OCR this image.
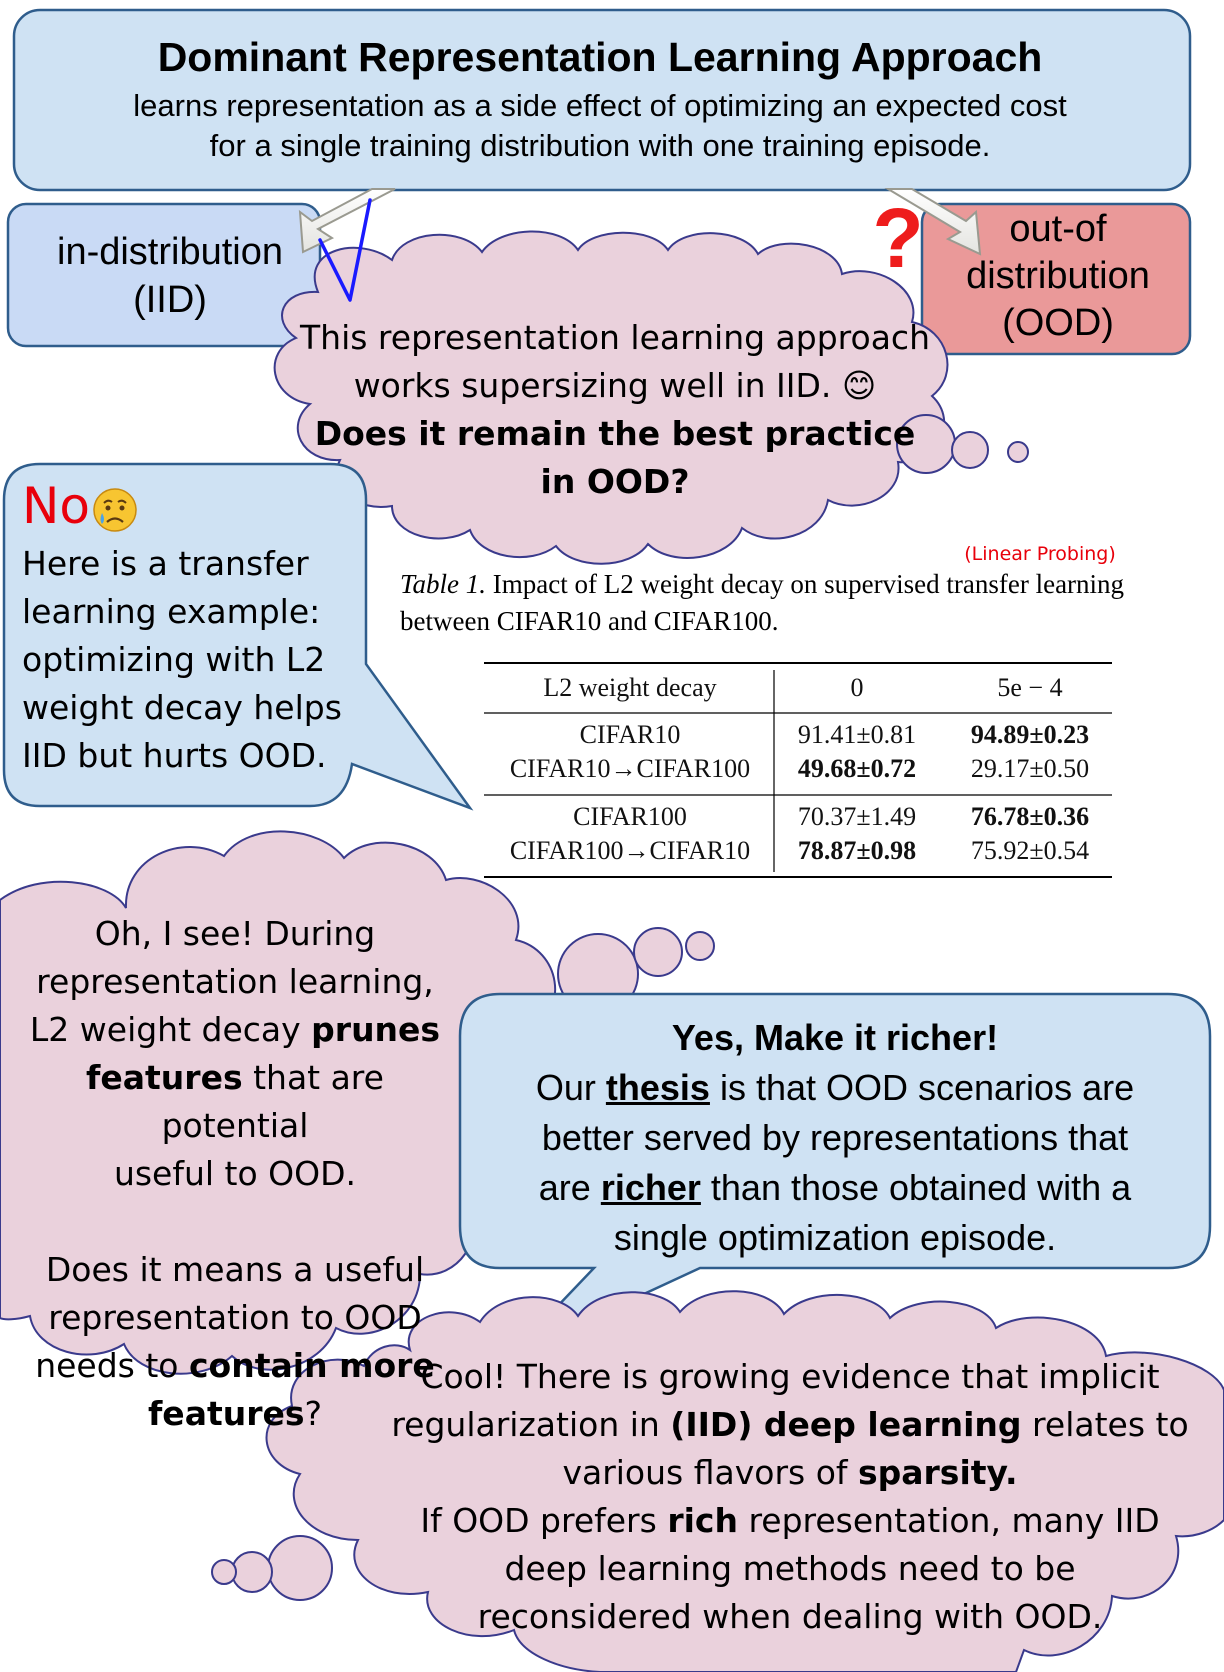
Dominant Representation Learning Approach
learns representation as a side effect of optimizing an expected cost
for a single training distribution with one training episode.
in-distribution
(IID)
out-of
distribution
(OOD)
?
This representation learning approach
works supersizing well in IID. 😊
Does it remain the best practice
in OOD?
No
Here is a transfer
learning example:
optimizing with L2
weight decay helps
IID but hurts OOD.
(Linear Probing)
Table 1. Impact of L2 weight decay on supervised transfer learning
between CIFAR10 and CIFAR100.
L2 weight decay	0	5e − 4
CIFAR10	91.41±0.81	94.89±0.23
CIFAR10→CIFAR100	49.68±0.72	29.17±0.50
CIFAR100	70.37±1.49	76.78±0.36
CIFAR100→CIFAR10	78.87±0.98	75.92±0.54
Oh, I see! During
representation learning,
L2 weight decay prunes
features that are potential
useful to OOD.
Does it means a useful
representation to OOD
needs to contain more
features?
Yes, Make it richer!
Our thesis is that OOD scenarios are
better served by representations that
are richer than those obtained with a
single optimization episode.
Cool! There is growing evidence that implicit
regularization in (IID) deep learning relates to
various flavors of sparsity.
If OOD prefers rich representation, many IID
deep learning methods need to be
reconsidered when dealing with OOD.
